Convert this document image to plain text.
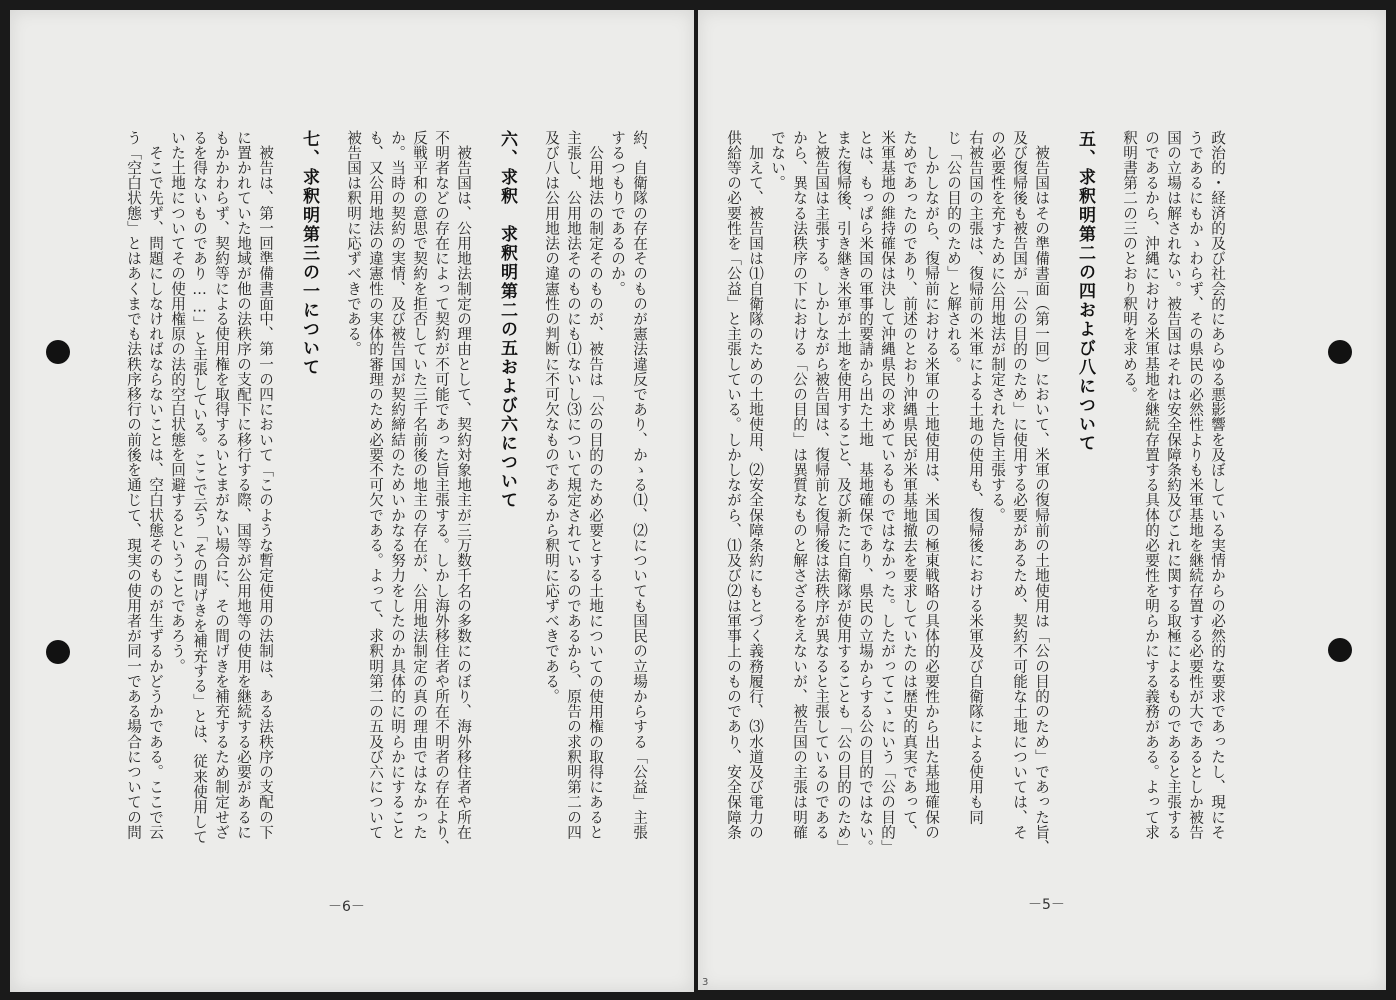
約、自衛隊の存在そのものが憲法違反であり、かゝる⑴、⑵についても国民の立場からする「公益」主張
するつもりであるのか。
　公用地法の制定そのものが、被告は「公の目的のため必要とする土地についての使用権の取得にあると
主張し、公用地法そのものにも⑴ないし⑶について規定されているのであるから、原告の求釈明第二の四
及び八は公用地法の違憲性の判断に不可欠なものであるから釈明に応ずべきである。
六、求釈　求釈明第二の五および六について
　被告国は、公用地法制定の理由として、契約対象地主が三万数千名の多数にのぼり、海外移住者や所在
不明者などの存在によって契約が不可能であった旨主張する。しかし海外移住者や所在不明者の存在より、
反戦平和の意思で契約を拒否していた三千名前後の地主の存在が、公用地法制定の真の理由ではなかった
か。当時の契約の実情、及び被告国が契約締結のためいかなる努力をしたのか具体的に明らかにすること
も、又公用地法の違憲性の実体的審理のため必要不可欠である。よって、求釈明第二の五及び六について
被告国は釈明に応ずべきである。
七、求釈明第三の一について
　被告は、第一回準備書面中、第一の四において「このような暫定使用の法制は、ある法秩序の支配の下
に置かれていた地域が他の法秩序の支配下に移行する際、国等が公用地等の使用を継続する必要があるに
もかかわらず、契約等による使用権を取得するいとまがない場合に、その間げきを補充するため制定せざ
るを得ないものであり……」と主張している。ここで云う「その間げきを補充する」とは、従来使用して
いた土地についてその使用権原の法的空白状態を回避するということであろう。
　そこで先ず、問題にしなければならないことは、空白状態そのものが生ずるかどうかである。ここで云
う「空白状態」とはあくまでも法秩序移行の前後を通じて、現実の使用者が同一である場合についての問
－6－
政治的・経済的及び社会的にあらゆる悪影響を及ぼしている実情からの必然的な要求であったし、現にそ
うであるにもかゝわらず、その県民の必然性よりも米軍基地を継続存置する必要性が大であるとしか被告
国の立場は解されない。被告国はそれは安全保障条約及びこれに関する取極によるものであると主張する
のであるから、沖縄における米軍基地を継続存置する具体的必要性を明らかにする義務がある。よって求
釈明書第二の三のとおり釈明を求める。
五、求釈明第二の四および八について
　被告国はその準備書面（第一回）において、米軍の復帰前の土地使用は「公の目的のため」であった旨、
及び復帰後も被告国が「公の目的のため」に使用する必要があるため、契約不可能な土地については、そ
の必要性を充すために公用地法が制定された旨主張する。
右被告国の主張は、復帰前の米軍による土地の使用も、復帰後における米軍及び自衛隊による使用も同
じ「公の目的のため」と解される。
　しかしながら、復帰前における米軍の土地使用は、米国の極東戦略の具体的必要性から出た基地確保の
ためであったのであり、前述のとおり沖縄県民が米軍基地撤去を要求していたのは歴史的真実であって、
米軍基地の維持確保は決して沖縄県民の求めているものではなかった。したがってこゝにいう「公の目的」
とは、もっぱら米国の軍事的要請から出た土地　基地確保であり、県民の立場からする公の目的ではない。
また復帰後、引き継き米軍が土地を使用すること、及び新たに自衛隊が使用することも「公の目的のため」
と被告国は主張する。しかしながら被告国は、復帰前と復帰後は法秩序が異なると主張しているのである
から、異なる法秩序の下における「公の目的」は異質なものと解さざるをえないが、被告国の主張は明確
でない。
　加えて、被告国は⑴自衛隊のための土地使用、⑵安全保障条約にもとづく義務履行、⑶水道及び電力の
供給等の必要性を「公益」と主張している。しかしながら、⑴及び⑵は軍事上のものであり、安全保障条
－5－
3
